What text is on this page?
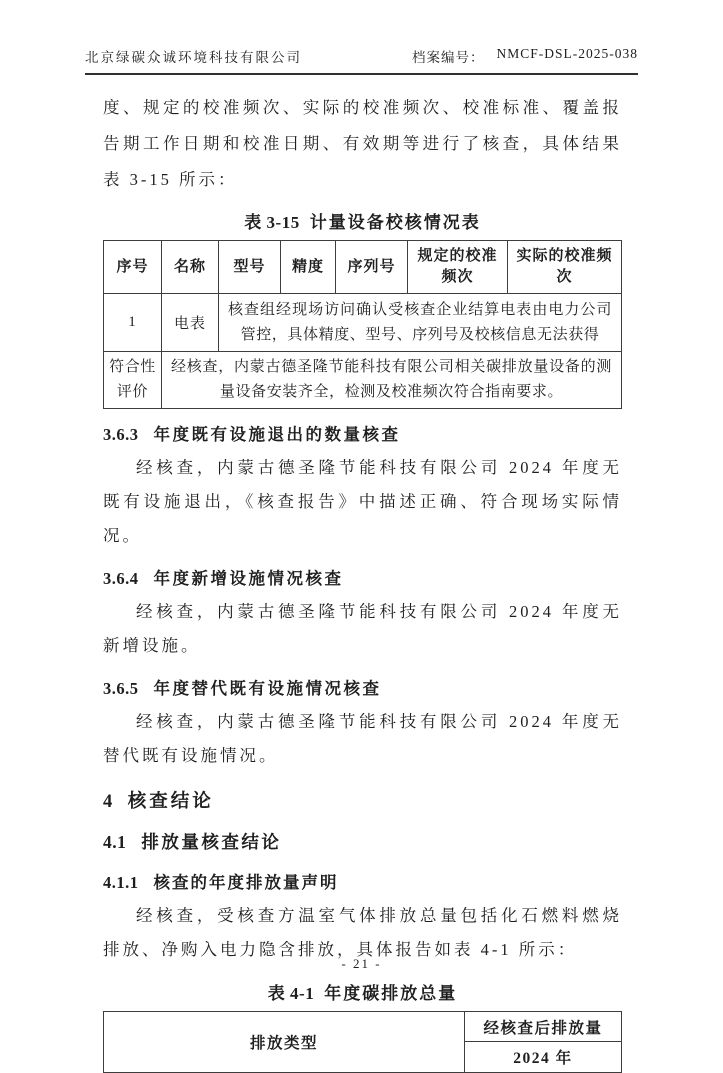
北京绿碳众诚环境科技有限公司	档案编号： NMCF-DSL-2025-038

度、规定的校准频次、实际的校准频次、校准标准、覆盖报告期工作日期和校准日期、有效期等进行了核查，具体结果表 3-15 所示：

表 3-15 计量设备校核情况表
序号	名称	型号	精度	序列号	规定的校准频次	实际的校准频次
1	电表	核查组经现场访问确认受核查企业结算电表由电力公司管控，具体精度、型号、序列号及校核信息无法获得				
符合性评价	经核查，内蒙古德圣隆节能科技有限公司相关碳排放量设备的测量设备安装齐全，检测及校准频次符合指南要求。					

3.6.3 年度既有设施退出的数量核查

经核查，内蒙古德圣隆节能科技有限公司 2024 年度无既有设施退出，《核查报告》中描述正确、符合现场实际情况。

3.6.4 年度新增设施情况核查

经核查，内蒙古德圣隆节能科技有限公司 2024 年度无新增设施。

3.6.5 年度替代既有设施情况核查

经核查，内蒙古德圣隆节能科技有限公司 2024 年度无替代既有设施情况。

4 核查结论

4.1 排放量核查结论

4.1.1 核查的年度排放量声明

经核查，受核查方温室气体排放总量包括化石燃料燃烧排放、净购入电力隐含排放，具体报告如表 4-1 所示：

表 4-1 年度碳排放总量
排放类型	经核查后排放量
2024 年
- 21 -
